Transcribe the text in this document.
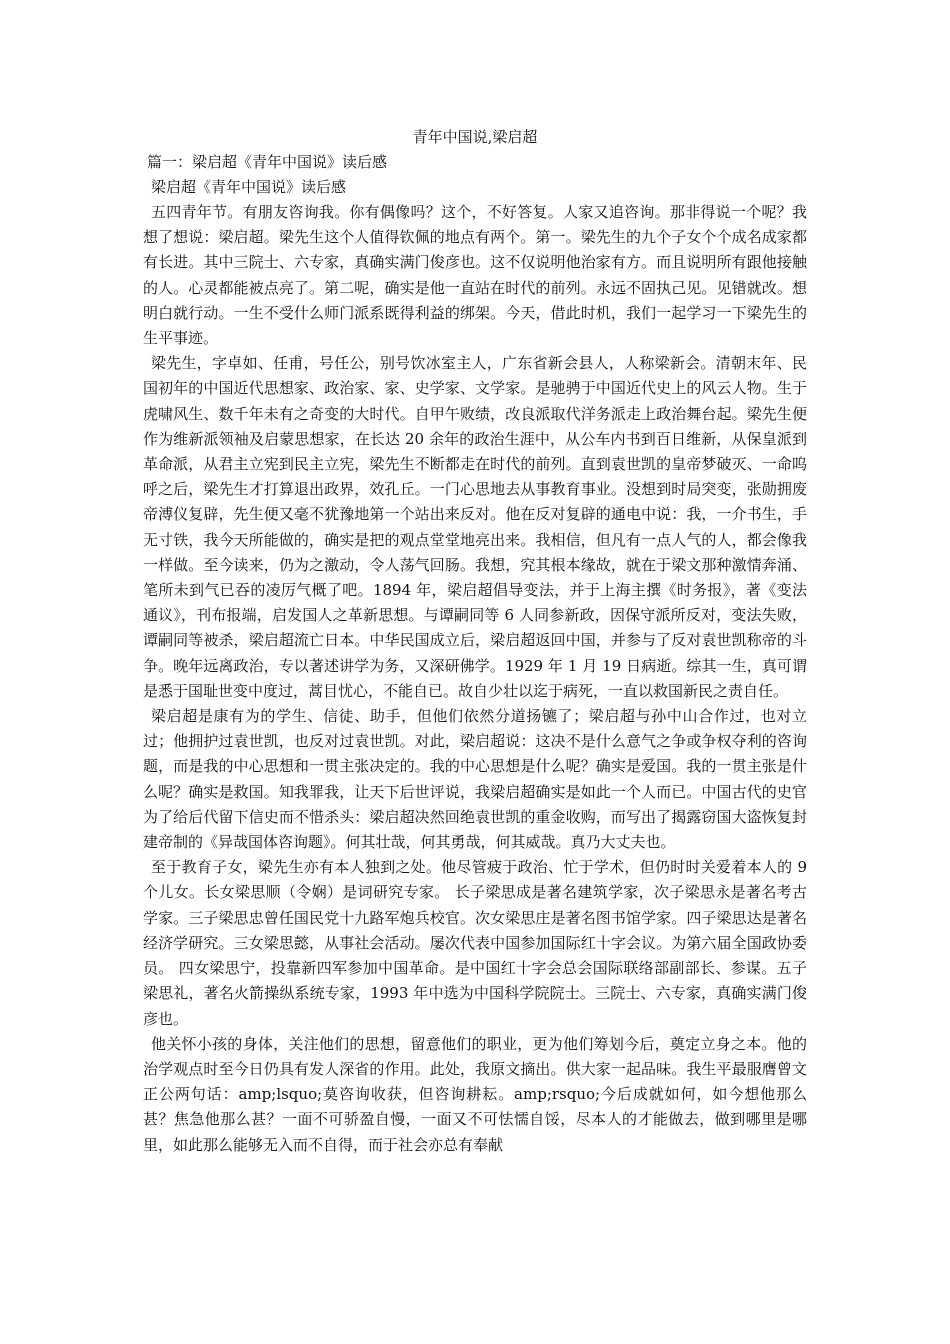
青年中国说,梁启超
篇一：梁启超《青年中国说》读后感
梁启超《青年中国说》读后感

五四青年节。有朋友咨询我。你有偶像吗？这个，不好答复。人家又追咨询。那非得说一个呢？我想了想说：梁启超。梁先生这个人值得钦佩的地点有两个。第一。梁先生的九个子女个个成名成家都有长进。其中三院士、六专家，真确实满门俊彦也。这不仅说明他治家有方。而且说明所有跟他接触的人。心灵都能被点亮了。第二呢，确实是他一直站在时代的前列。永远不固执己见。见错就改。想明白就行动。一生不受什么师门派系既得利益的绑架。今天，借此时机，我们一起学习一下梁先生的生平事迹。

梁先生，字卓如、任甫，号任公，别号饮冰室主人，广东省新会县人，人称梁新会。清朝末年、民国初年的中国近代思想家、政治家、家、史学家、文学家。是驰骋于中国近代史上的风云人物。生于虎啸风生、数千年未有之奇变的大时代。自甲午败绩，改良派取代洋务派走上政治舞台起。梁先生便作为维新派领袖及启蒙思想家，在长达 20 余年的政治生涯中，从公车内书到百日维新，从保皇派到革命派，从君主立宪到民主立宪，梁先生不断都走在时代的前列。直到袁世凯的皇帝梦破灭、一命呜呼之后，梁先生才打算退出政界，效孔丘。一门心思地去从事教育事业。没想到时局突变，张勋拥废帝溥仪复辟，先生便又毫不犹豫地第一个站出来反对。他在反对复辟的通电中说：我，一介书生，手无寸铁，我今天所能做的，确实是把的观点堂堂地亮出来。我相信，但凡有一点人气的人，都会像我一样做。至今读来，仍为之激动，令人荡气回肠。我想，究其根本缘故，就在于梁文那种激情奔涌、笔所未到气已吞的凌厉气概了吧。1894 年，梁启超倡导变法，并于上海主撰《时务报》，著《变法通议》，刊布报端，启发国人之革新思想。与谭嗣同等 6 人同参新政，因保守派所反对，变法失败，谭嗣同等被杀，梁启超流亡日本。中华民国成立后，梁启超返回中国，并参与了反对袁世凯称帝的斗争。晚年远离政治，专以著述讲学为务，又深研佛学。1929 年 1 月 19 日病逝。综其一生，真可谓是悉于国耻世变中度过，蒿目忧心，不能自已。故自少壮以迄于病死，一直以救国新民之责自任。

梁启超是康有为的学生、信徒、助手，但他们依然分道扬镳了；梁启超与孙中山合作过，也对立过；他拥护过袁世凯，也反对过袁世凯。对此，梁启超说：这决不是什么意气之争或争权夺利的咨询题，而是我的中心思想和一贯主张决定的。我的中心思想是什么呢？确实是爱国。我的一贯主张是什么呢？确实是救国。知我罪我，让天下后世评说，我梁启超确实是如此一个人而已。中国古代的史官为了给后代留下信史而不惜杀头：梁启超决然回绝袁世凯的重金收购，而写出了揭露窃国大盗恢复封建帝制的《异哉国体咨询题》。何其壮哉，何其勇哉，何其威哉。真乃大丈夫也。

至于教育子女，梁先生亦有本人独到之处。他尽管疲于政治、忙于学术，但仍时时关爱着本人的 9 个儿女。长女梁思顺（令娴）是词研究专家。 长子梁思成是著名建筑学家，次子梁思永是著名考古学家。三子梁思忠曾任国民党十九路军炮兵校官。次女梁思庄是著名图书馆学家。四子梁思达是著名经济学研究。三女梁思懿，从事社会活动。屡次代表中国参加国际红十字会议。为第六届全国政协委员。 四女梁思宁，投靠新四军参加中国革命。是中国红十字会总会国际联络部副部长、参谋。五子梁思礼，著名火箭操纵系统专家，1993 年中选为中国科学院院士。三院士、六专家，真确实满门俊彦也。

他关怀小孩的身体，关注他们的思想，留意他们的职业，更为他们筹划今后，奠定立身之本。他的治学观点时至今日仍具有发人深省的作用。此处，我原文摘出。供大家一起品味。我生平最服膺曾文正公两句话：amp;lsquo;莫咨询收获，但咨询耕耘。amp;rsquo;今后成就如何，如今想他那么甚？焦急他那么甚？一面不可骄盈自慢，一面又不可怯懦自馁，尽本人的才能做去，做到哪里是哪里，如此那么能够无入而不自得，而于社会亦总有奉献
